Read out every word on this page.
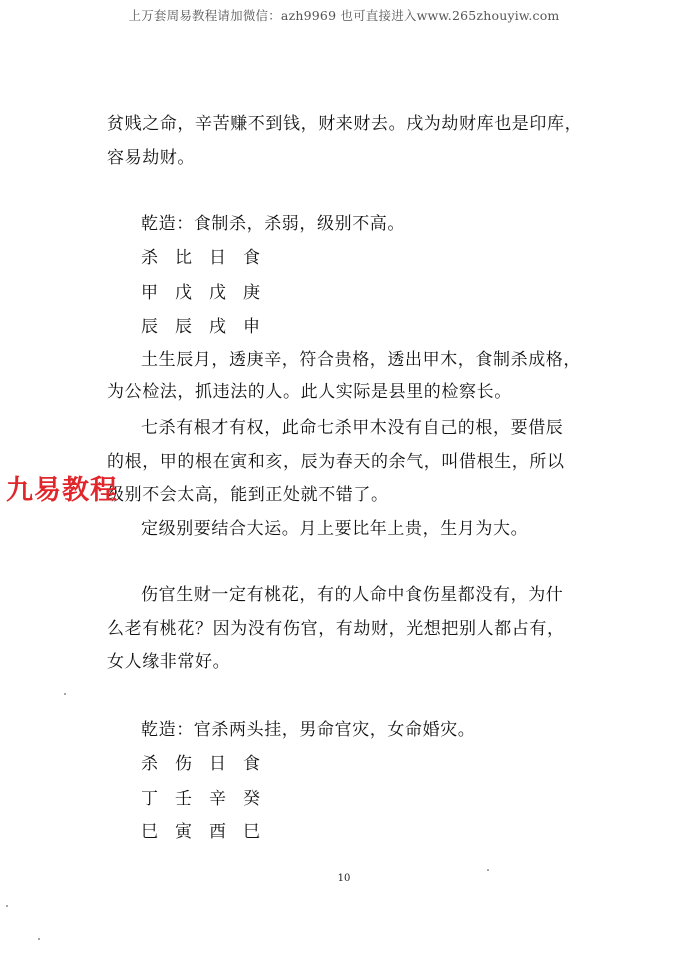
上万套周易教程请加微信：azh9969 也可直接进入www.265zhouyiw.com
贫贱之命，辛苦赚不到钱，财来财去。戌为劫财库也是印库，
容易劫财。
乾造：食制杀，杀弱，级别不高。
杀 比 日 食
甲 戊 戊 庚
辰 辰 戌 申
土生辰月，透庚辛，符合贵格，透出甲木，食制杀成格，
为公检法，抓违法的人。此人实际是县里的检察长。
七杀有根才有权，此命七杀甲木没有自己的根，要借辰
的根，甲的根在寅和亥，辰为春天的余气，叫借根生，所以
级别不会太高，能到正处就不错了。
定级别要结合大运。月上要比年上贵，生月为大。
伤官生财一定有桃花，有的人命中食伤星都没有，为什
么老有桃花？因为没有伤官，有劫财，光想把别人都占有，
女人缘非常好。
乾造：官杀两头挂，男命官灾，女命婚灾。
杀 伤 日 食
丁 壬 辛 癸
巳 寅 酉 巳
10
九易教程
